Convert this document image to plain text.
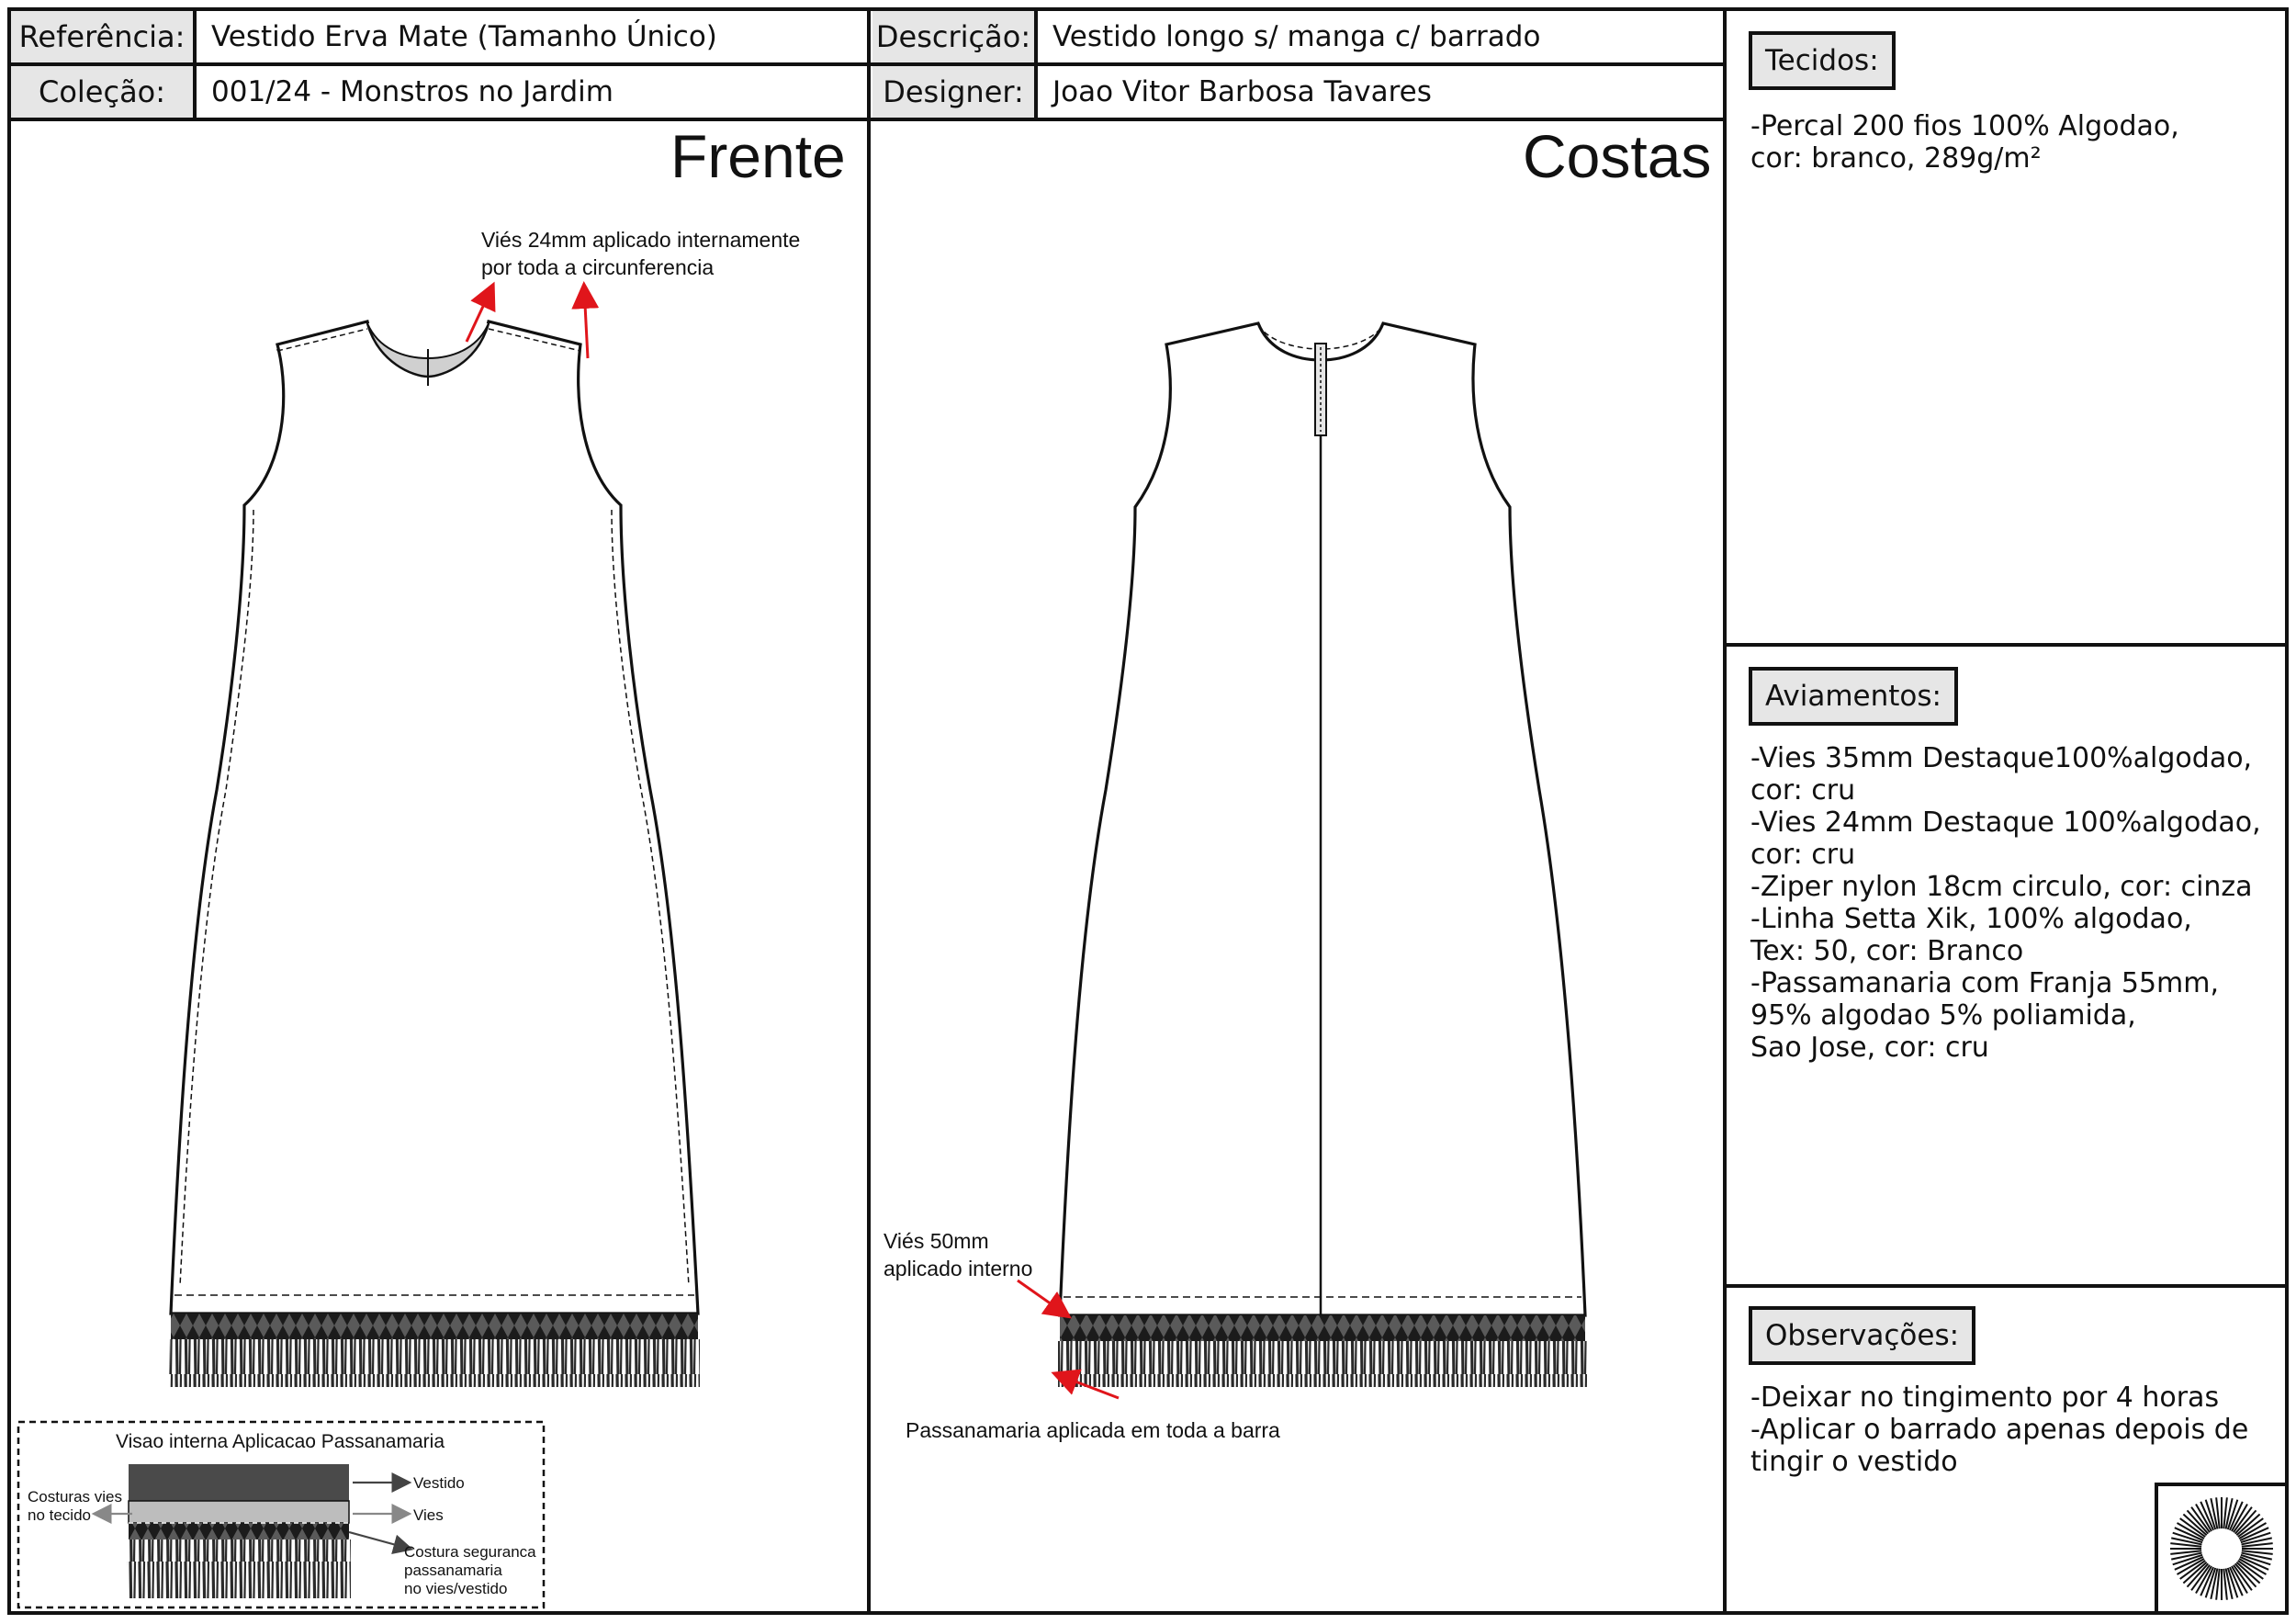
Referência: Vestido Erva Mate (Tamanho Único)	Descrição: Vestido longo s/ manga c/ barrado
Coleção:	001/24 - Monstros no Jardim	Designer:	Joao Vitor Barbosa Tavares
Frente	Costas
Viés 24mm aplicado internamente
por toda a circunferencia
Viés 50mm
aplicado interno
Passanamaria aplicada em toda a barra
Visao interna Aplicacao Passanamaria
Vestido
Vies
Costuras vies
no tecido
Costura seguranca
passanamaria
no vies/vestido
Tecidos:
-Percal 200 fios 100% Algodao,
cor: branco, 289g/m²
Aviamentos:
-Vies 35mm Destaque100%algodao,
cor: cru
-Vies 24mm Destaque 100%algodao,
cor: cru
-Ziper nylon 18cm circulo, cor: cinza
-Linha Setta Xik, 100% algodao,
Tex: 50, cor: Branco
-Passamanaria com Franja 55mm,
95% algodao 5% poliamida,
Sao Jose, cor: cru
Observações:
-Deixar no tingimento por 4 horas
-Aplicar o barrado apenas depois de
tingir o vestido
